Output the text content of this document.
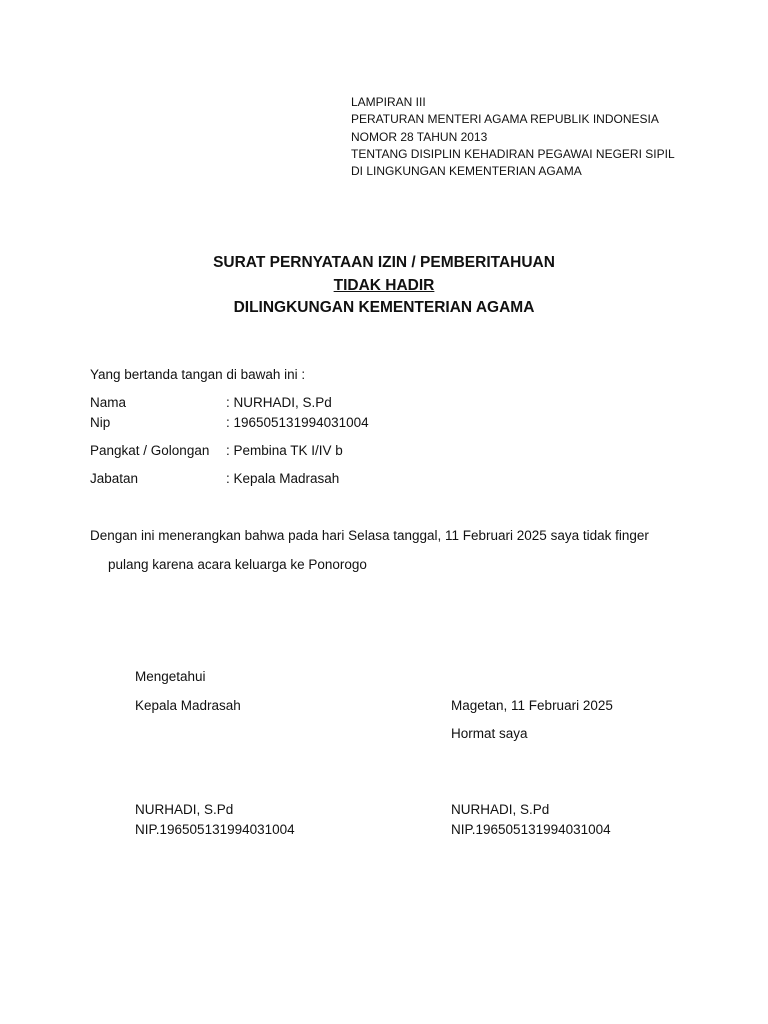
LAMPIRAN III
PERATURAN MENTERI AGAMA REPUBLIK INDONESIA
NOMOR 28 TAHUN 2013
TENTANG DISIPLIN KEHADIRAN PEGAWAI NEGERI SIPIL
DI LINGKUNGAN KEMENTERIAN AGAMA
SURAT PERNYATAAN IZIN / PEMBERITAHUAN
TIDAK HADIR
DILINGKUNGAN KEMENTERIAN AGAMA
Yang bertanda tangan di bawah ini :
Nama	: NURHADI, S.Pd
Nip	: 196505131994031004
Pangkat / Golongan : Pembina TK I/IV b
Jabatan	: Kepala Madrasah
Dengan ini menerangkan bahwa pada hari Selasa tanggal, 11 Februari 2025 saya tidak finger
pulang karena acara keluarga ke Ponorogo
Mengetahui
Kepala Madrasah
NURHADI, S.Pd
NIP.196505131994031004
Magetan, 11 Februari 2025
Hormat saya
NURHADI, S.Pd
NIP.196505131994031004
